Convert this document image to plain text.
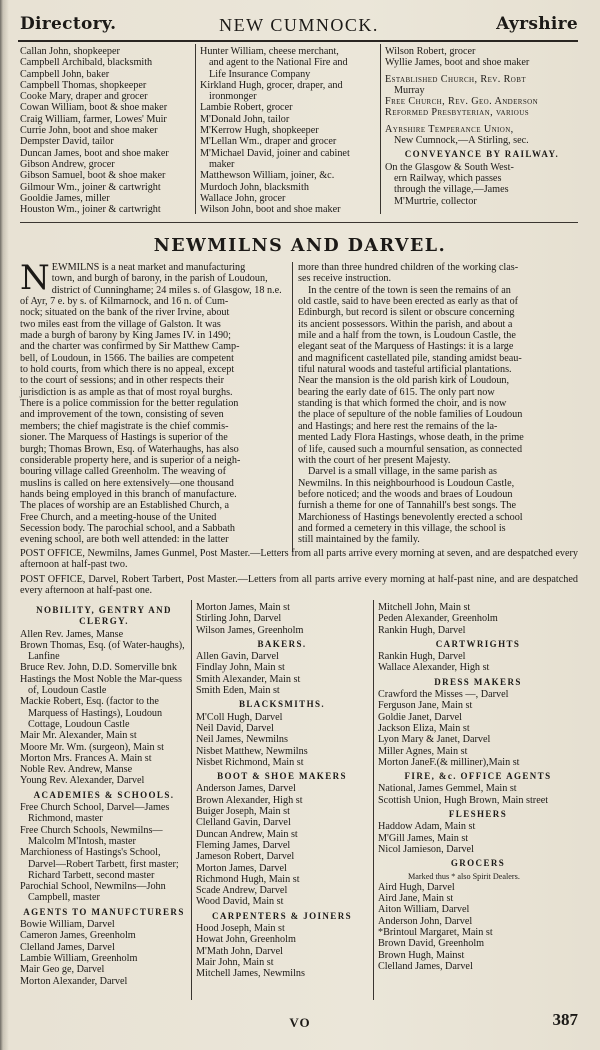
Directory.	NEW CUMNOCK.	Ayrshire
Callan John, shopkeeper
Campbell Archibald, blacksmith
Campbell John, baker
Campbell Thomas, shopkeeper
Cooke Mary, draper and grocer
Cowan William, boot & shoe maker
Craig William, farmer, Lowes' Muir
Currie John, boot and shoe maker
Dempster David, tailor
Duncan James, boot and shoe maker
Gibson Andrew, grocer
Gibson Samuel, boot & shoe maker
Gilmour Wm., joiner & cartwright
Gooldie James, miller
Houston Wm., joiner & cartwright
Hunter William, cheese merchant,
and agent to the National Fire and
Life Insurance Company
Kirkland Hugh, grocer, draper, and
ironmonger
Lambie Robert, grocer
M'Donald John, tailor
M'Kerrow Hugh, shopkeeper
M'Lellan Wm., draper and grocer
M'Michael David, joiner and cabinet
maker
Matthewson William, joiner, &c.
Murdoch John, blacksmith
Wallace John, grocer
Wilson John, boot and shoe maker
Wilson Robert, grocer
Wyllie James, boot and shoe maker
Established Church, Rev. Robt
Murray
Free Church, Rev. Geo. Anderson
Reformed Presbyterian, various
Ayrshire Temperance Union,
New Cumnock,—A Stirling, sec.
CONVEYANCE BY RAILWAY.
On the Glasgow & South West-
ern Railway, which passes
through the village,—James
M'Murtrie, collector
NEWMILNS AND DARVEL.
N EWMILNS is a neat market and manufacturing
town, and burgh of barony, in the parish of Loudoun,
district of Cunninghame; 24 miles s. of Glasgow, 18 n.e.
of Ayr, 7 e. by s. of Kilmarnock, and 16 n. of Cum-
nock; situated on the bank of the river Irvine, about
two miles east from the village of Galston. It was
made a burgh of barony by King James IV. in 1490;
and the charter was confirmed by Sir Matthew Camp-
bell, of Loudoun, in 1566. The bailies are competent
to hold courts, from which there is no appeal, except
to the court of sessions; and in other respects their
jurisdiction is as ample as that of most royal burghs.
There is a police commission for the better regulation
and improvement of the town, consisting of seven
members; the chief magistrate is the chief commis-
sioner. The Marquess of Hastings is superior of the
burgh; Thomas Brown, Esq. of Waterhaughs, has also
considerable property here, and is superior of a neigh-
bouring village called Greenholm. The weaving of
muslins is called on here extensively—one thousand
hands being employed in this branch of manufacture.
The places of worship are an Established Church, a
Free Church, and a meeting-house of the United
Secession body. The parochial school, and a Sabbath
evening school, are both well attended: in the latter
more than three hundred children of the working clas-
ses receive instruction.
In the centre of the town is seen the remains of an
old castle, said to have been erected as early as that of
Edinburgh, but record is silent or obscure concerning
its ancient possessors. Within the parish, and about a
mile and a half from the town, is Loudoun Castle, the
elegant seat of the Marquess of Hastings: it is a large
and magnificent castellated pile, standing amidst beau-
tiful natural woods and tasteful artificial plantations.
Near the mansion is the old parish kirk of Loudoun,
bearing the early date of 615. The only part now
standing is that which formed the choir, and is now
the place of sepulture of the noble families of Loudoun
and Hastings; and here rest the remains of the la-
mented Lady Flora Hastings, whose death, in the prime
of life, caused such a mournful sensation, as connected
with the court of her present Majesty.
Darvel is a small village, in the same parish as
Newmilns. In this neighbourhood is Loudoun Castle,
before noticed; and the woods and braes of Loudoun
furnish a theme for one of Tannahill's best songs. The
Marchioness of Hastings benevolently erected a school
and formed a cemetery in this village, the school is
still maintained by the family.
POST OFFICE, Newmilns, James Gunmel, Post Master.—Letters from all parts arrive every morning at seven, and are despatched every afternoon at half-past two.
POST OFFICE, Darvel, Robert Tarbert, Post Master.—Letters from all parts arrive every morning at half-past nine, and are despatched every afternoon at half-past one.
NOBILITY, GENTRY AND CLERGY.
Allen Rev. James, Manse
Brown Thomas, Esq. (of Water-haughs), Lanfine
Bruce Rev. John, D.D. Somerville bnk
Hastings the Most Noble the Mar-quess of, Loudoun Castle
Mackie Robert, Esq. (factor to the Marquess of Hastings), Loudoun Cottage, Loudoun Castle
Mair Mr. Alexander, Main st
Moore Mr. Wm. (surgeon), Main st
Morton Mrs. Frances A. Main st
Noble Rev. Andrew, Manse
Young Rev. Alexander, Darvel
ACADEMIES & SCHOOLS.
Free Church School, Darvel—James Richmond, master
Free Church Schools, Newmilns—Malcolm M'Intosh, master
Marchioness of Hastings's School, Darvel—Robert Tarbett, first master; Richard Tarbett, second master
Parochial School, Newmilns—John Campbell, master
AGENTS TO MANUFCTURERS
Bowie William, Darvel
Cameron James, Greenholm
Clelland James, Darvel
Lambie William, Greenholm
Mair Geo ge, Darvel
Morton Alexander, Darvel
Morton James, Main st
Stirling John, Darvel
Wilson James, Greenholm
BAKERS.
Allen Gavin, Darvel
Findlay John, Main st
Smith Alexander, Main st
Smith Eden, Main st
BLACKSMITHS.
M'Coll Hugh, Darvel
Neil David, Darvel
Neil James, Newmilns
Nisbet Matthew, Newmilns
Nisbet Richmond, Main st
BOOT & SHOE MAKERS
Anderson James, Darvel
Brown Alexander, High st
Buiger Joseph, Main st
Clelland Gavin, Darvel
Duncan Andrew, Main st
Fleming James, Darvel
Jameson Robert, Darvel
Morton James, Darvel
Richmond Hugh, Main st
Scade Andrew, Darvel
Wood David, Main st
CARPENTERS & JOINERS
Hood Joseph, Main st
Howat John, Greenholm
M'Math John, Darvel
Mair John, Main st
Mitchell James, Newmilns
Mitchell John, Main st
Peden Alexander, Greenholm
Rankin Hugh, Darvel
CARTWRIGHTS
Rankin Hugh, Darvel
Wallace Alexander, High st
DRESS MAKERS
Crawford the Misses —, Darvel
Ferguson Jane, Main st
Goldie Janet, Darvel
Jackson Eliza, Main st
Lyon Mary & Janet, Darvel
Miller Agnes, Main st
Morton JaneF.(& milliner),Main st
FIRE, &c. OFFICE AGENTS
National, James Gemmel, Main st
Scottish Union, Hugh Brown, Main street
FLESHERS
Haddow Adam, Main st
M'Gill James, Main st
Nicol Jamieson, Darvel
GROCERS
Marked thus * also Spirit Dealers.
Aird Hugh, Darvel
Aird Jane, Main st
Aiton William, Darvel
Anderson John, Darvel
*Brintoul Margaret, Main st
Brown David, Greenholm
Brown Hugh, Mainst
Clelland James, Darvel
VO	387
